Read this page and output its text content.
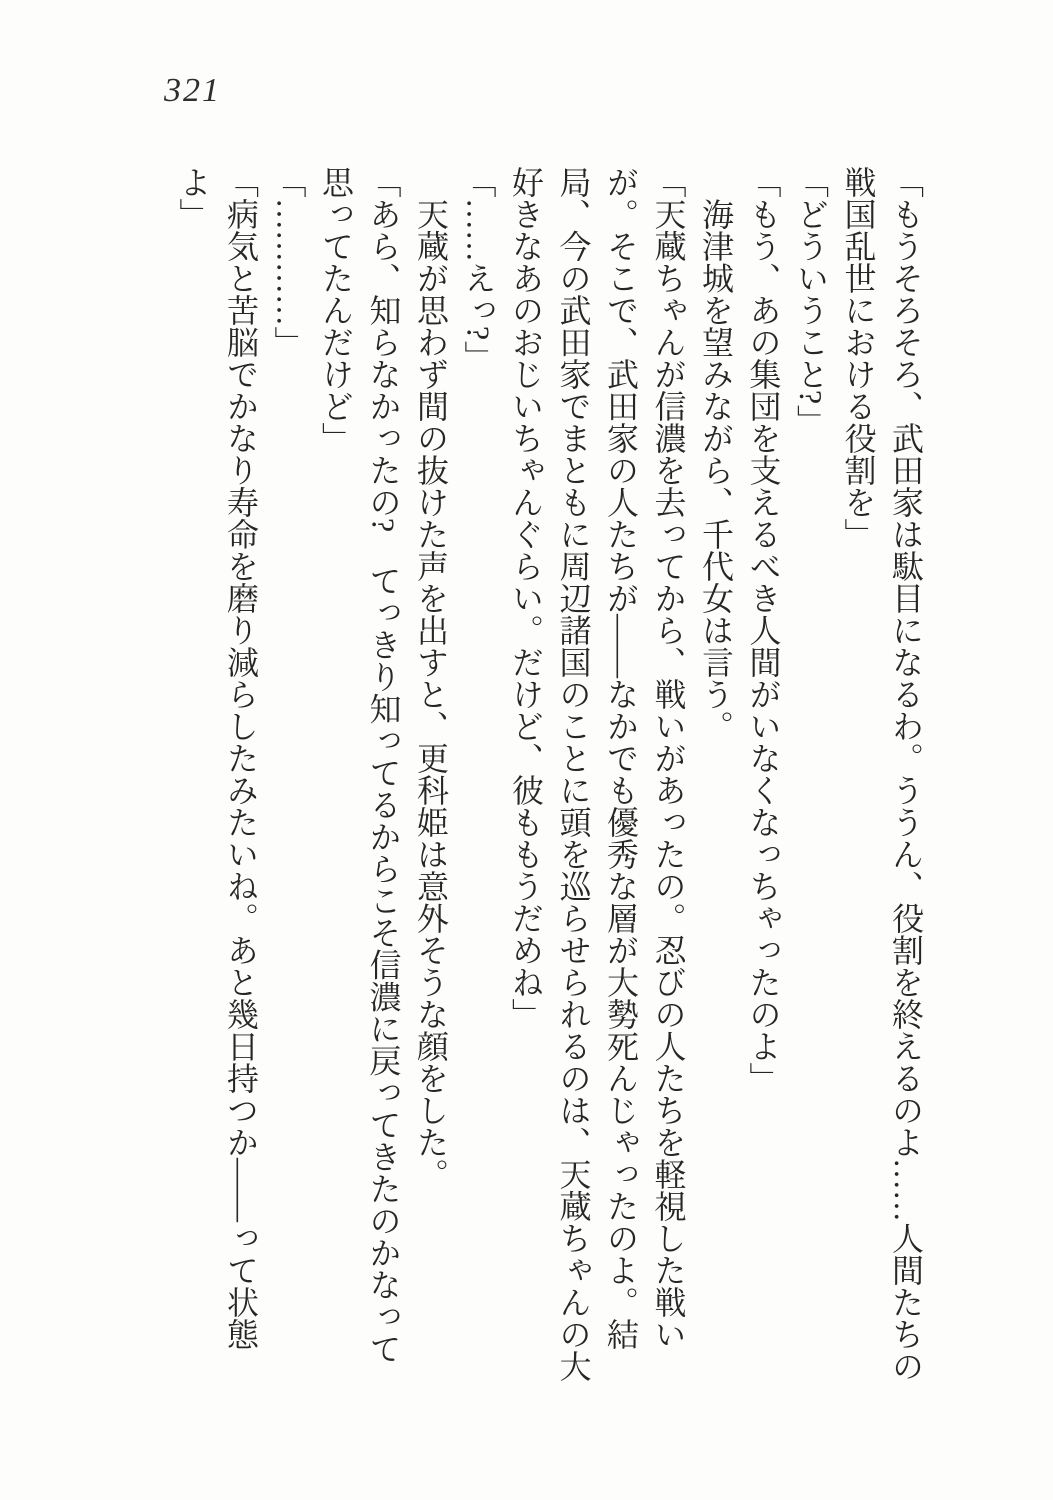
321

「もうそろそろ、武田家は駄目になるわ。ううん、役割を終えるのよ……人間たちの戦国乱世における役割を」

「どういうこと?」

「もう、あの集団を支えるべき人間がいなくなっちゃったのよ」

海津城を望みながら、千代女は言う。

「天蔵ちゃんが信濃を去ってから、戦いがあったの。忍びの人たちを軽視した戦いが。そこで、武田家の人たちが――なかでも優秀な層が大勢死んじゃったのよ。結局、今の武田家でまともに周辺諸国のことに頭を巡らせられるのは、天蔵ちゃんの大好きなあのおじいちゃんぐらい。だけど、彼ももうだめね」

「……えっ?」

天蔵が思わず間の抜けた声を出すと、更科姫は意外そうな顔をした。

「あら、知らなかったの?　てっきり知ってるからこそ信濃に戻ってきたのかなって思ってたんだけど」

「…………」

「病気と苦脳でかなり寿命を磨り減らしたみたいね。あと幾日持つか――って状態よ」
